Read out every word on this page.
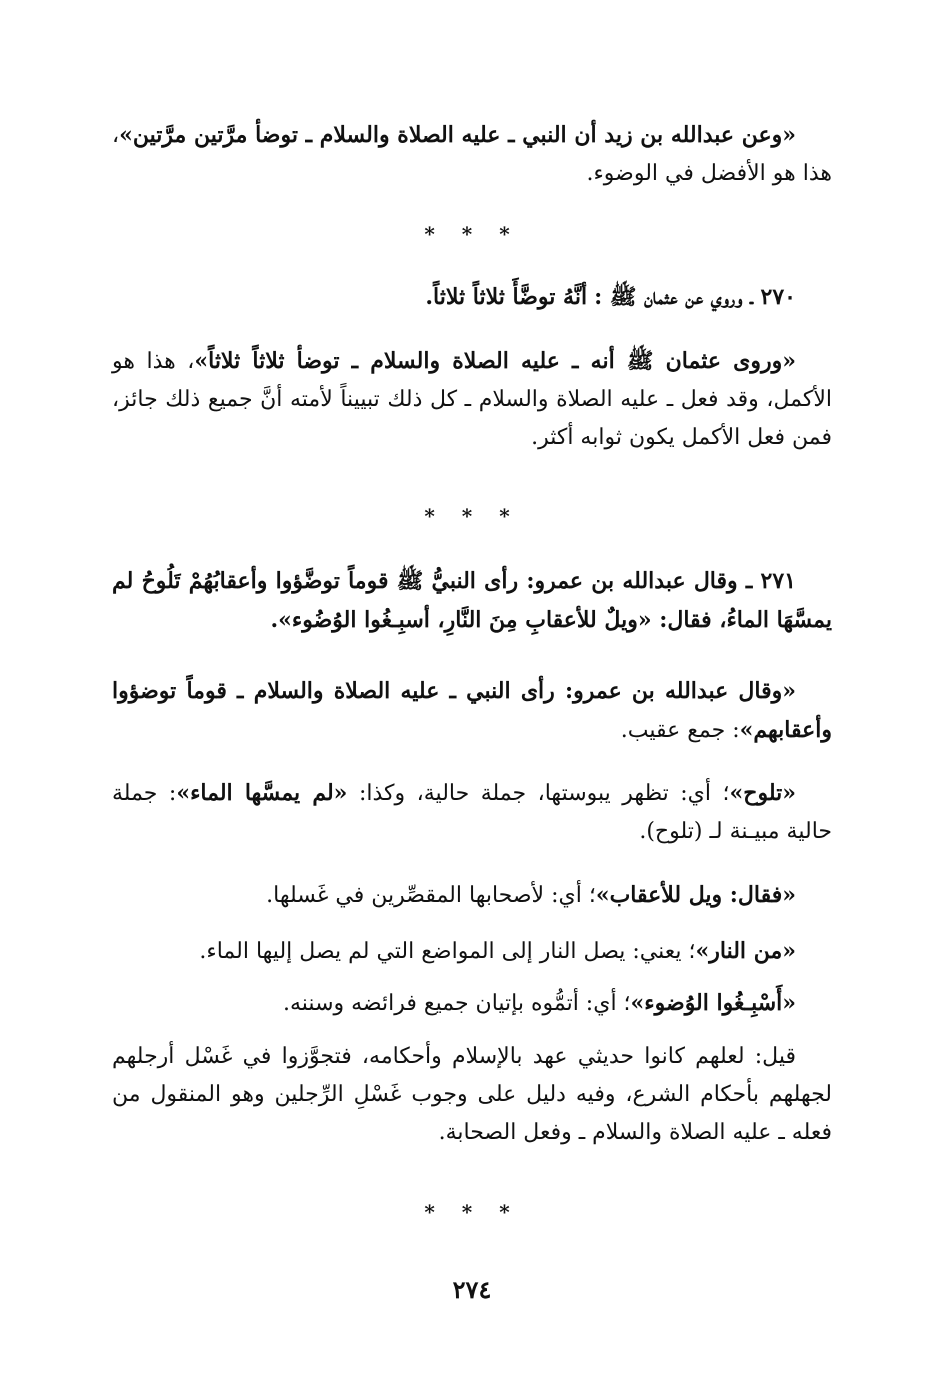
«وعن عبدالله بن زيد أن النبي ـ عليه الصلاة والسلام ـ توضأ مرَّتين مرَّتين»، هذا هو الأفضل في الوضوء.
* * *
٢٧٠ ـ وروي عن عثمان ﷺ : أنَّهُ توضَّأَ ثلاثاً ثلاثاً.
«وروى عثمان ﷺ أنه ـ عليه الصلاة والسلام ـ توضأ ثلاثاً ثلاثاً»، هذا هو الأكمل، وقد فعل ـ عليه الصلاة والسلام ـ كل ذلك تبييناً لأمته أنَّ جميع ذلك جائز، فمن فعل الأكمل يكون ثوابه أكثر.
* * *
٢٧١ ـ وقال عبدالله بن عمرو: رأى النبيُّ ﷺ قوماً توضَّؤوا وأعقابُهُمْ تَلُوحُ لم يمسَّهَا الماءُ، فقال: «ويلٌ للأعقابِ مِنَ النَّارِ، أسبِـغُوا الوُضُوء».
«وقال عبدالله بن عمرو: رأى النبي ـ عليه الصلاة والسلام ـ قوماً توضؤوا وأعقابهم»: جمع عقيب.
«تلوح»؛ أي: تظهر يبوستها، جملة حالية، وكذا: «لم يمسَّها الماء»: جملة حالية مبيـنة لـ (تلوح).
«فقال: ويل للأعقاب»؛ أي: لأصحابها المقصِّرين في غَسلها.
«من النار»؛ يعني: يصل النار إلى المواضع التي لم يصل إليها الماء.
«أَسْبِـغُوا الوُضوء»؛ أي: أتمُّوه بإتيان جميع فرائضه وسننه.
قيل: لعلهم كانوا حديثي عهد بالإسلام وأحكامه، فتجوَّزوا في غَسْل أرجلهم لجهلهم بأحكام الشرع، وفيه دليل على وجوب غَسْلِ الرِّجلين وهو المنقول من فعله ـ عليه الصلاة والسلام ـ وفعل الصحابة.
* * *
٢٧٤
